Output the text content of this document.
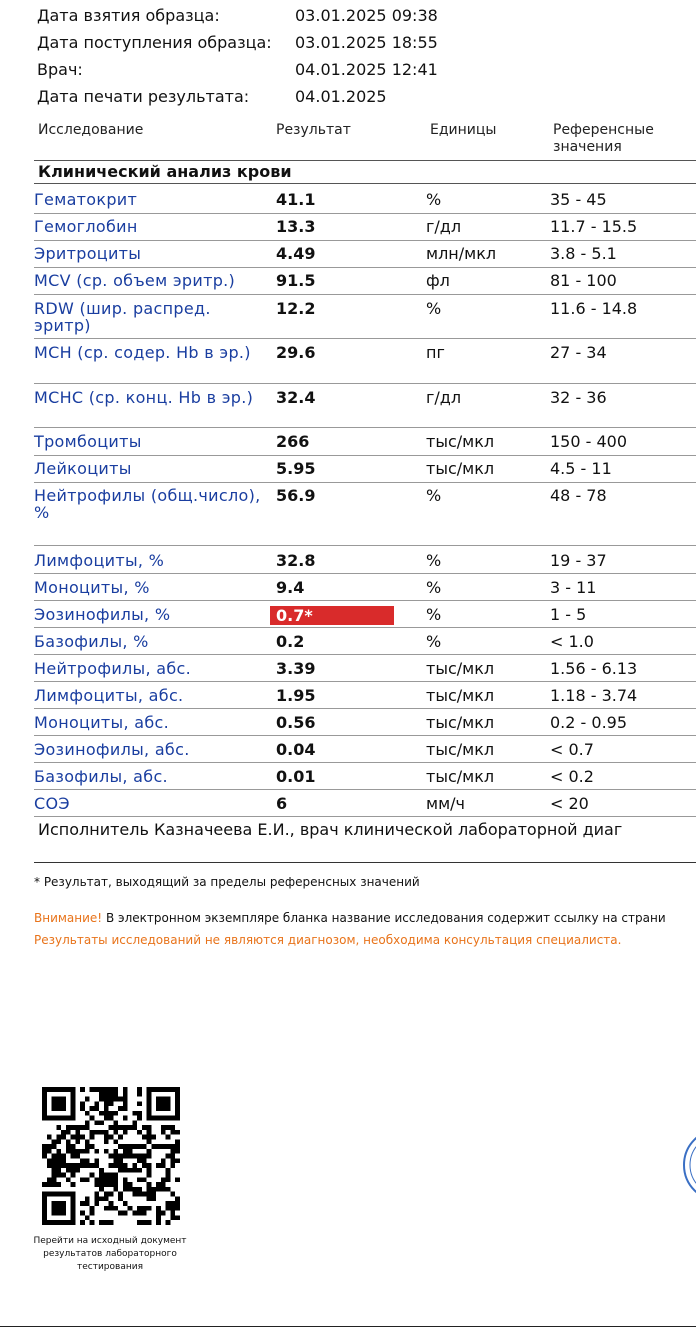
Дата взятия образца:	03.01.2025 09:38
Дата поступления образца: 03.01.2025 18:55
Врач:	04.01.2025 12:41
Дата печати результата:	04.01.2025
Исследование	Результат	Единицы	Референсные
значения
Клинический анализ крови
Гематокрит	41.1	%	35 - 45
Гемоглобин	13.3	г/дл	11.7 - 15.5
Эритроциты	4.49	млн/мкл	3.8 - 5.1
MCV (ср. объем эритр.)	91.5	фл	81 - 100
RDW (шир. распред. эритр)
12.2	%	11.6 - 14.8
MCH (ср. содер. Hb в эр.)	29.6	пг	27 - 34
MCHC (ср. конц. Hb в эр.)	32.4	г/дл	32 - 36
Тромбоциты	266	тыс/мкл	150 - 400
Лейкоциты	5.95	тыс/мкл	4.5 - 11
Нейтрофилы (общ.число), %
56.9	%	48 - 78
Лимфоциты, %	32.8	%	19 - 37
Моноциты, %	9.4	%	3 - 11
Эозинофилы, %	0.7*	%	1 - 5
Базофилы, %	0.2	%	< 1.0
Нейтрофилы, абс.	3.39	тыс/мкл	1.56 - 6.13
Лимфоциты, абс.	1.95	тыс/мкл	1.18 - 3.74
Моноциты, абс.	0.56	тыс/мкл	0.2 - 0.95
Эозинофилы, абс.	0.04	тыс/мкл	< 0.7
Базофилы, абс.	0.01	тыс/мкл	< 0.2
СОЭ	6	мм/ч	< 20
Исполнитель Казначеева Е.И., врач клинической лабораторной диаг
* Результат, выходящий за пределы референсных значений
Внимание! В электронном экземпляре бланка название исследования содержит ссылку на страни
Результаты исследований не являются диагнозом, необходима консультация специалиста.
Перейти на исходный документ результатов лабораторного тестирования
